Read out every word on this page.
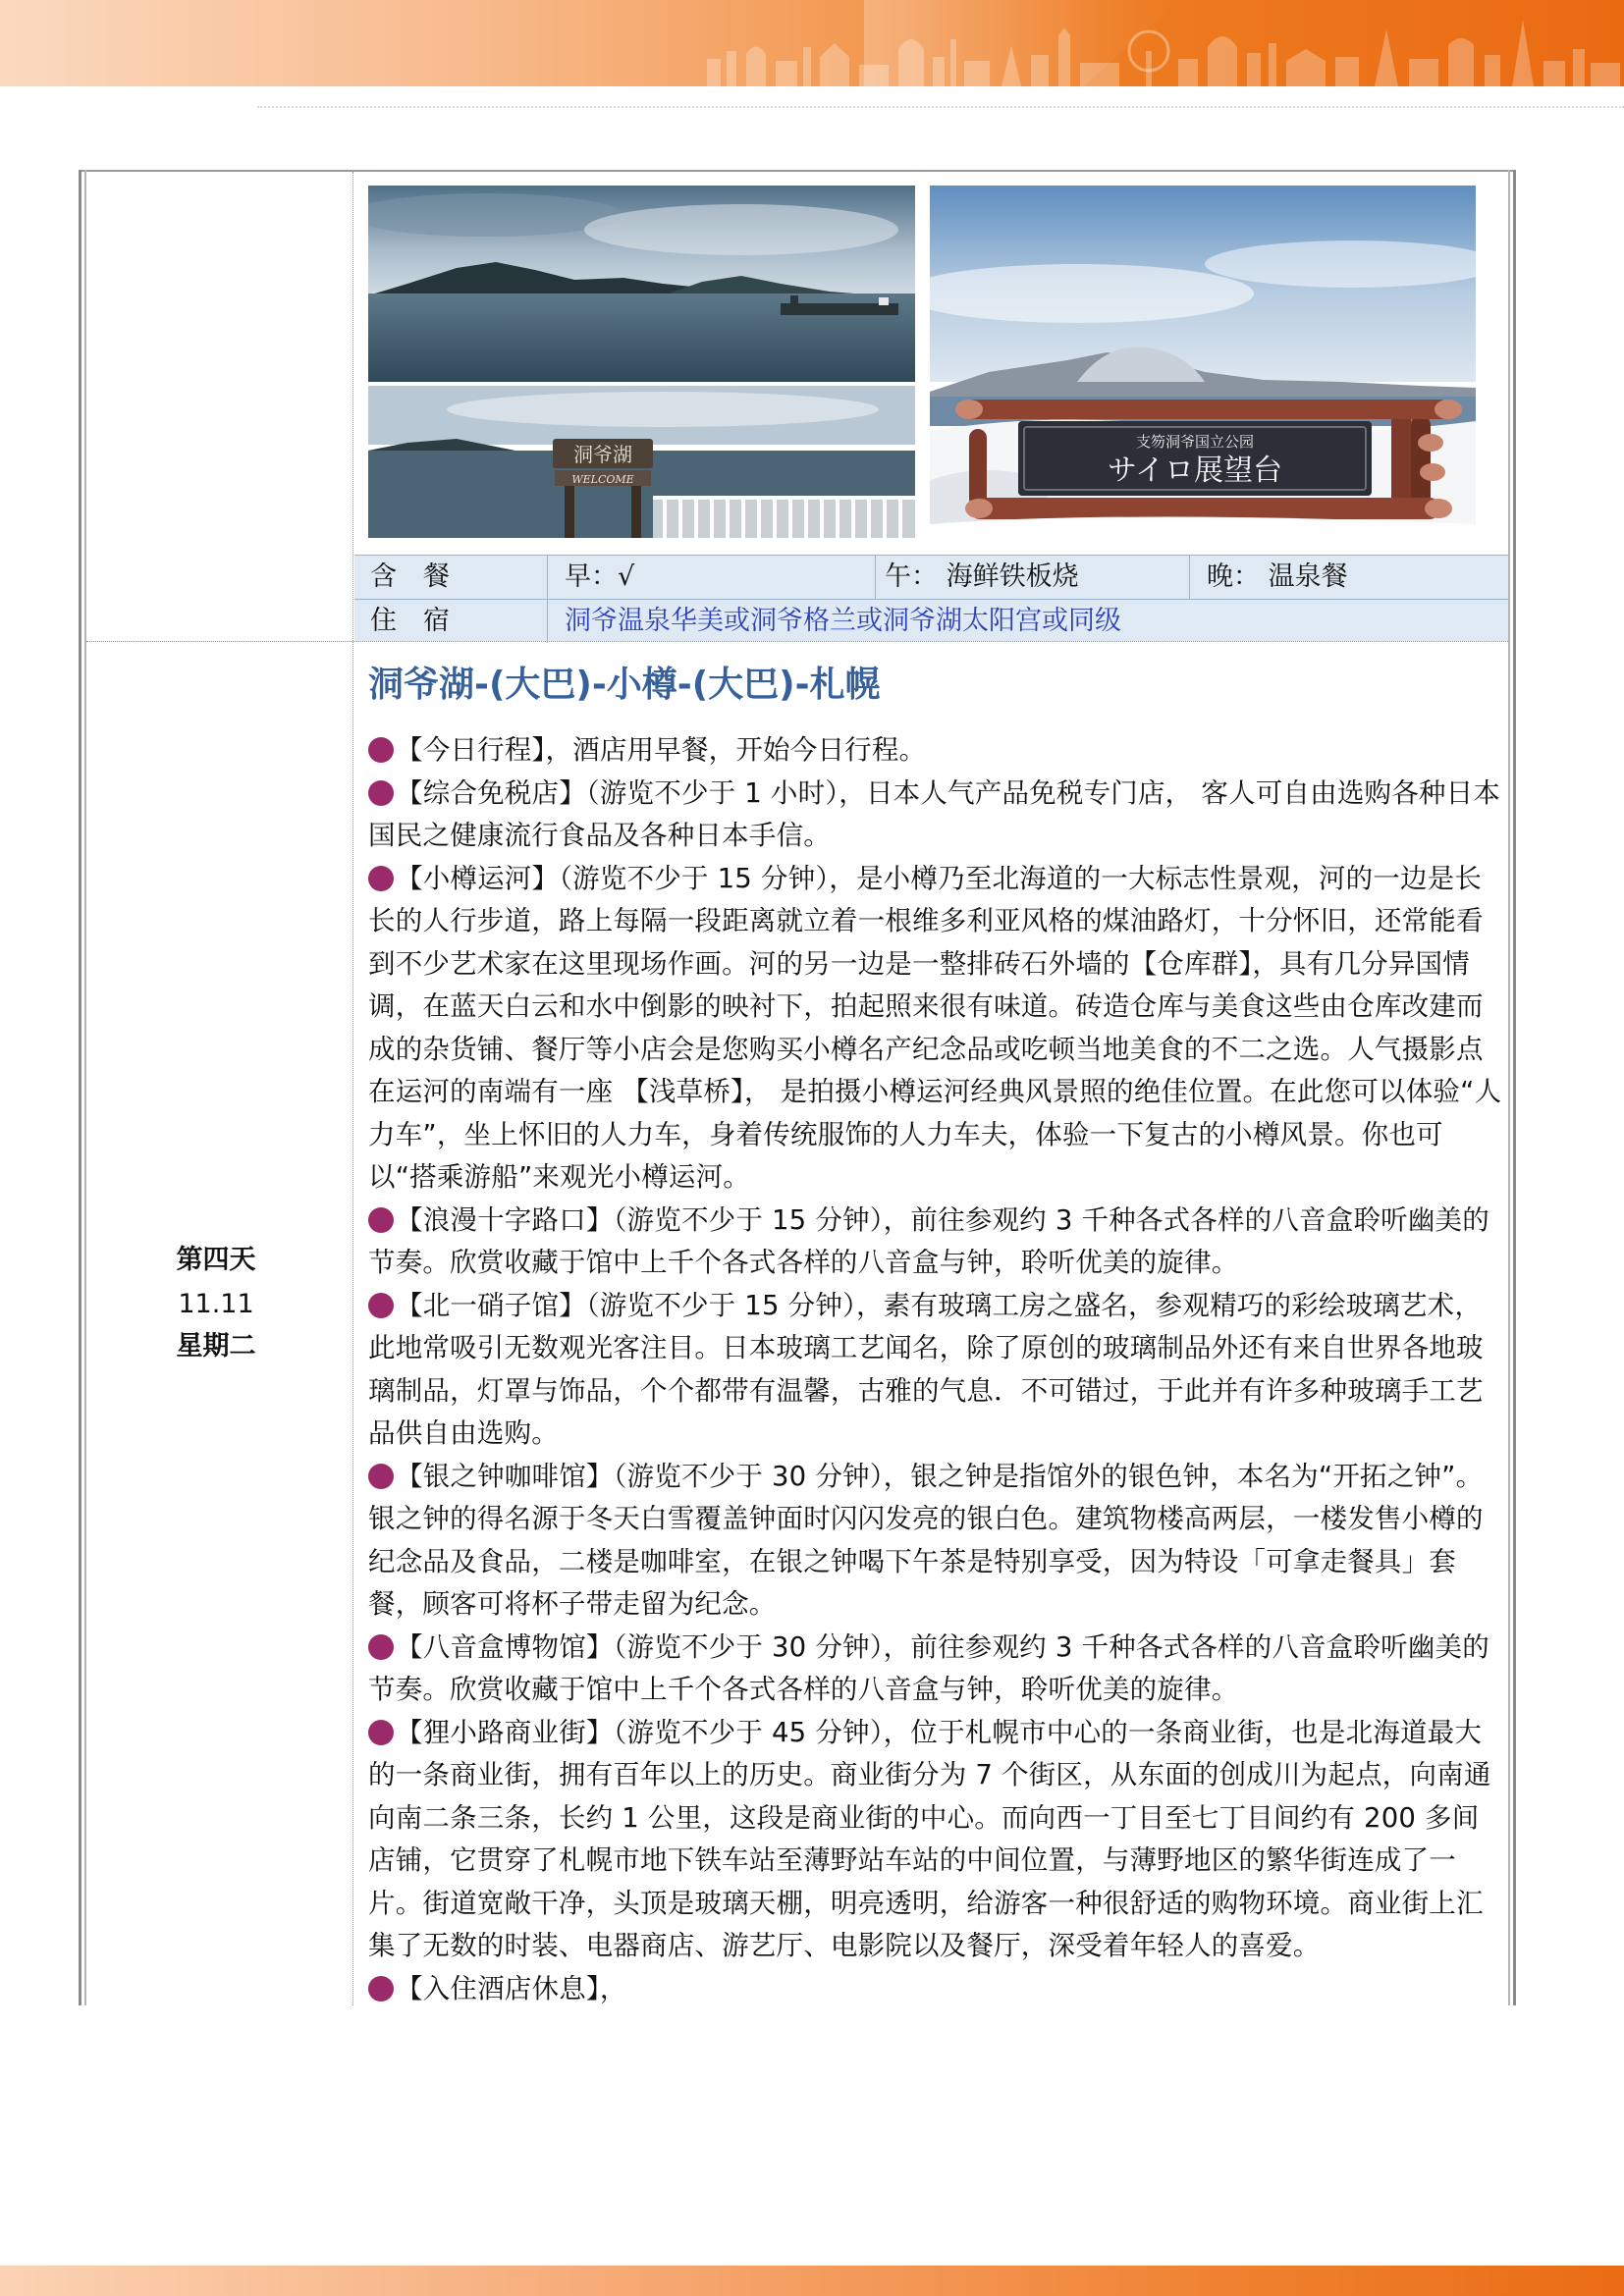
洞爷湖
WELCOME
支笏洞爷国立公园
サイロ展望台
含　餐	早：√	午： 海鲜铁板烧	晚： 温泉餐
住　宿	洞爷温泉华美或洞爷格兰或洞爷湖太阳宫或同级
第四天
11.11
星期二
洞爷湖-(大巴)-小樽-(大巴)-札幌

【今日行程】，酒店用早餐，开始今日行程。

【综合免税店】（游览不少于 1 小时），日本人气产品免税专门店， 客人可自由选购各种日本国民之健康流行食品及各种日本手信。

【小樽运河】（游览不少于 15 分钟），是小樽乃至北海道的一大标志性景观，河的一边是长长的人行步道，路上每隔一段距离就立着一根维多利亚风格的煤油路灯，十分怀旧，还常能看到不少艺术家在这里现场作画。河的另一边是一整排砖石外墙的【仓库群】，具有几分异国情调，在蓝天白云和水中倒影的映衬下，拍起照来很有味道。砖造仓库与美食这些由仓库改建而成的杂货铺、餐厅等小店会是您购买小樽名产纪念品或吃顿当地美食的不二之选。人气摄影点在运河的南端有一座 【浅草桥】， 是拍摄小樽运河经典风景照的绝佳位置。在此您可以体验“人力车”，坐上怀旧的人力车，身着传统服饰的人力车夫，体验一下复古的小樽风景。你也可以“搭乘游船”来观光小樽运河。

【浪漫十字路口】（游览不少于 15 分钟），前往参观约 3 千种各式各样的八音盒聆听幽美的节奏。欣赏收藏于馆中上千个各式各样的八音盒与钟，聆听优美的旋律。

【北一硝子馆】（游览不少于 15 分钟），素有玻璃工房之盛名，参观精巧的彩绘玻璃艺术，此地常吸引无数观光客注目。日本玻璃工艺闻名，除了原创的玻璃制品外还有来自世界各地玻璃制品，灯罩与饰品，个个都带有温馨，古雅的气息．不可错过，于此并有许多种玻璃手工艺品供自由选购。

【银之钟咖啡馆】（游览不少于 30 分钟），银之钟是指馆外的银色钟，本名为“开拓之钟”。银之钟的得名源于冬天白雪覆盖钟面时闪闪发亮的银白色。建筑物楼高两层，一楼发售小樽的纪念品及食品，二楼是咖啡室，在银之钟喝下午茶是特别享受，因为特设「可拿走餐具」套餐，顾客可将杯子带走留为纪念。

【八音盒博物馆】（游览不少于 30 分钟），前往参观约 3 千种各式各样的八音盒聆听幽美的节奏。欣赏收藏于馆中上千个各式各样的八音盒与钟，聆听优美的旋律。

【狸小路商业街】（游览不少于 45 分钟），位于札幌市中心的一条商业街，也是北海道最大的一条商业街，拥有百年以上的历史。商业街分为 7 个街区，从东面的创成川为起点，向南通向南二条三条，长约 1 公里，这段是商业街的中心。而向西一丁目至七丁目间约有 200 多间店铺，它贯穿了札幌市地下铁车站至薄野站车站的中间位置，与薄野地区的繁华街连成了一片。街道宽敞干净，头顶是玻璃天棚，明亮透明，给游客一种很舒适的购物环境。商业街上汇集了无数的时装、电器商店、游艺厅、电影院以及餐厅，深受着年轻人的喜爱。

【入住酒店休息】，
